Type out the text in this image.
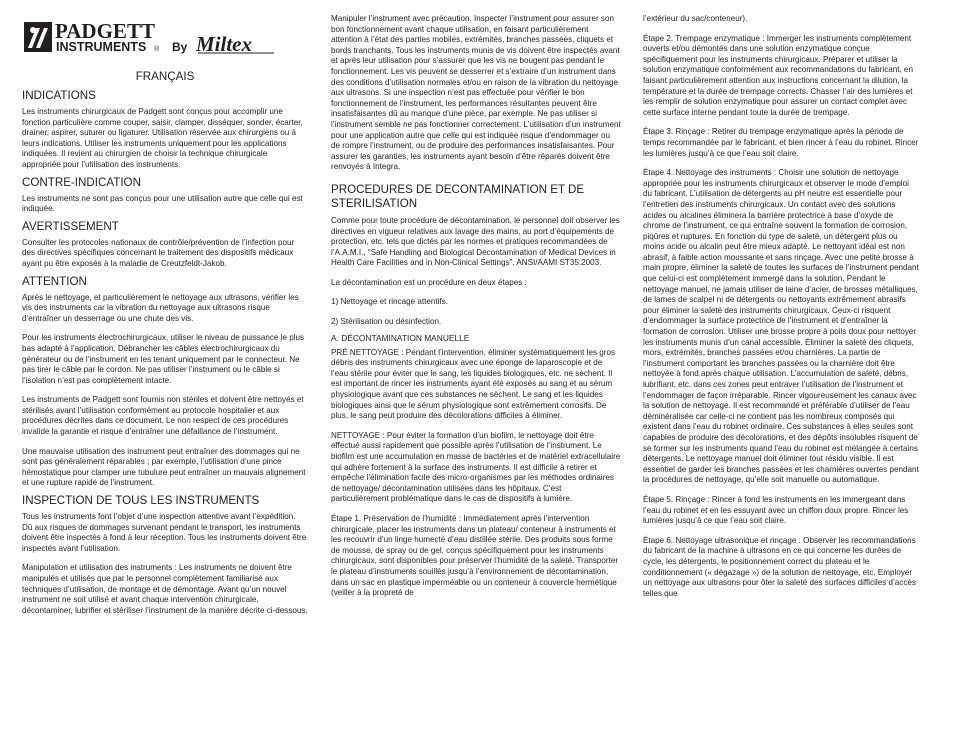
PADGETT
INSTRUMENTS ® By Miltex
FRANÇAIS
INDICATIONS

Les instruments chirurgicaux de Padgett sont conçus pour accomplir une fonction particulière comme couper, saisir, clamper, disséquer, sonder, écarter, drainer, aspirer, suturer ou ligaturer. Utilisation réservée aux chirurgiens ou à leurs indications. Utiliser les instruments uniquement pour les applications indiquées. Il revient au chirurgien de choisir la technique chirurgicale appropriée pour l’utilisation des instruments.

CONTRE-INDICATION

Les instruments ne sont pas conçus pour une utilisation autre que celle qui est indiquée.

AVERTISSEMENT

Consulter les protocoles nationaux de contrôle/prévention de l’infection pour des directives spécifiques concernant le traitement des dispositifs médicaux ayant pu être exposés à la maladie de Creutzfeldt-Jakob.

ATTENTION

Après le nettoyage, et particulièrement le nettoyage aux ultrasons, vérifier les vis des instruments car la vibration du nettoyage aux ultrasons risque d’entraîner un desserrage ou une chute des vis.

Pour les instruments électrochirurgicaux, utiliser le niveau de puissance le plus bas adapté à l’application. Débrancher les câbles électrochirurgicaux du générateur ou de l’instrument en les tenant uniquement par le connecteur. Ne pas tirer le câble par le cordon. Ne pas utiliser l’instrument ou le câble si l’isolation n’est pas complètement intacte.

Les instruments de Padgett sont fournis non stériles et doivent être nettoyés et stérilisés avant l’utilisation conformément au protocole hospitalier et aux procédures décrites dans ce document. Le non respect de ces procédures invalide la garantie et risque d’entraîner une défaillance de l’instrument.

Une mauvaise utilisation des instrument peut entraîner des dommages qui ne sont pas généralement réparables ; par exemple, l’utilisation d’une pince hémostatique pour clamper une tubulure peut entraîner un mauvais alignement et une rupture rapide de l’instrument.

INSPECTION DE TOUS LES INSTRUMENTS

Tous les instruments font l’objet d’une inspection attentive avant l’expédition. Dû aux risques de dommages survenant pendant le transport, les instruments doivent être inspectés à fond à leur réception. Tous les instruments doivent être inspectés avant l’utilisation.

Manipulation et utilisation des instruments : Les instruments ne doivent être manipulés et utilisés que par le personnel complètement familiarisé aux techniques d’utilisation, de montage et de démontage. Avant qu’un nouvel instrument ne soit utilisé et avant chaque intervention chirurgicale, décontaminer, lubrifier et stériliser l’instrument de la manière décrite ci-dessous.

Manipuler l’instrument avec précaution. Inspecter l’instrument pour assurer son bon fonctionnement avant chaque utilisation, en faisant particulièrement attention à l’état des parties mobiles, extrémités, branches passées, cliquets et bords tranchants. Tous les instruments munis de vis doivent être inspectés avant et après leur utilisation pour s’assurer que les vis ne bougent pas pendant le fonctionnement. Les vis peuvent se desserrer et s’extraire d’un instrument dans des conditions d’utilisation normales et/ou en raison de la vibration du nettoyage aux ultrasons. Si une inspection n’est pas effectuée pour vérifier le bon fonctionnement de l’instrument, les performances résultantes peuvent être insatisfaisantes dû au manque d’une pièce, par exemple. Ne pas utiliser si l’instrument semble ne pas fonctionner correctement. L’utilisation d’un instrument pour une application autre que celle qui est indiquée risque d’endommager ou de rompre l’instrument, ou de produire des performances insatisfaisantes. Pour assurer les garanties, les instruments ayant besoin d’être réparés doivent être renvoyés à Integra.

PROCEDURES DE DECONTAMINATION ET DE STERILISATION

Comme pour toute procédure de décontamination, le personnel doit observer les directives en vigueur relatives aux lavage des mains, au port d’équipements de protection, etc. tels que dictés par les normes et pratiques recommandées de l’A.A.M.I., “Safe Handling and Biological Decontamination of Medical Devices in Health Care Facilities and in Non-Clinical Settings”, ANSI/AAMI ST35:2003.

La décontamination est un procédure en deux étapes :

1) Nettoyage et rincage attentifs.

2) Stérilisation ou désinfection.

A. DÉCONTAMINATION MANUELLE

PRÉ NETTOYAGE : Pendant l’intervention, éliminer systématiquement les gros débris des instruments chirurgicaux avec une éponge de laparoscopie et de l’eau stérile pour éviter que le sang, les liquides biologiques, etc. ne sèchent. Il est important de rincer les instruments ayant été exposés au sang et au sérum physiologique avant que ces substances ne sèchent. Le sang et les liquides biologiques ainsi que le sérum physiologique sont extrêmement corrosifs. De plus, le sang peut produire des décolorations difficiles à éliminer.

NETTOYAGE : Pour éviter la formation d’un biofilm, le nettoyage doit être effectué aussi rapidement que possible après l’utilisation de l’instrument. Le biofilm est une accumulation en masse de bactéries et de matériel extracellulaire qui adhère fortement à la surface des instruments. Il est difficile à retirer et empêche l’élimination facile des micro-organismes par les méthodes ordinaires de nettoyage/ décontamination utilisées dans les hôpitaux. C’est particulièrement problématique dans le cas de dispositifs à lumière.

Étape 1. Préservation de l’humidité : Immédiatement après l’intervention chirurgicale, placer les instruments dans un plateau/ conteneur à instruments et les recouvrir d’un linge humecté d’eau distillée stérile. Des produits sous forme de mousse, de spray ou de gel, conçus spécifiquement pour les instruments chirurgicaux, sont disponibles pour préserver l’humidité de la saleté. Transporter le plateau d’instruments souillés jusqu’à l’environnement de décontamination, dans un sac en plastique imperméable ou un conteneur à couvercle hermétique (veiller à la propreté de

l’extérieur du sac/conteneur).

Étape 2. Trempage enzymatique : Immerger les instruments complètement ouverts et/ou démontés dans une solution enzymatique conçue spécifiquement pour les instruments chirurgicaux. Préparer et utiliser la solution enzymatique conformément aux recommandations du fabricant, en faisant particulièrement attention aux instructions concernant la dilution, la température et la durée de trempage corrects. Chasser l’air des lumières et les remplir de solution enzymatique pour assurer un contact complet avec cette surface interne pendant toute la durée de trempage.

Étape 3. Rinçage : Retirer du trempage enzymatique après la période de temps recommandée par le fabricant, et bien rincer à l’eau du robinet. Rincer les lumières jusqu’à ce que l’eau soit claire.

Étape 4. Nettoyage des instruments : Choisir une solution de nettoyage appropriée pour les instruments chirurgicaux et observer le mode d’emploi du fabricant. L’utilisation de détergents au pH neutre est essentielle pour l’entretien des instruments chirurgicaux. Un contact avec des solutions acides ou alcalines éliminera la barrière protectrice à base d’oxyde de chrome de l’instrument, ce qui entraîne souvent la formation de corrosion, piqûres et ruptures. En fonction du type de saleté, un détergent plus ou moins acide ou alcalin peut être mieux adapté. Le nettoyant idéal est non abrasif, à faible action moussante et sans rinçage. Avec une petite brosse à main propre, éliminer la saleté de toutes les surfaces de l’instrument pendant que celui-ci est complètement immergé dans la solution. Pendant le nettoyage manuel, ne jamais utiliser de laine d’acier, de brosses métalliques, de lames de scalpel ni de détergents ou nettoyants extrêmement abrasifs pour éliminer la saleté des instruments chirurgicaux. Ceux-ci risquent d’endommager la surface protectrice de l’instrument et d’entraîner la formation de corrosion. Utiliser une brosse propre à poils doux pour nettoyer les instruments munis d’un canal accessible. Éliminer la saleté des cliquets, mors, extrémités, branches passées et/ou charnières. La partie de l’instrument comportant les branches passées ou la charnière doit être nettoyée à fond après chaque utilisation. L’accumulation de saleté, débris, lubrifiant, etc. dans ces zones peut entraver l’utilisation de l’instrument et l’endommager de façon irréparable. Rincer vigoureusement les canaux avec la solution de nettoyage. Il est recommandé et préférable d’utiliser de l’eau déminéralisée car celle-ci ne contient pas les nombreux composés qui existent dans l’eau du robinet ordinaire. Ces substances à elles seules sont capables de produire des décolorations, et des dépôts insolubles risquent de se former sur les instruments quand l’eau du robinet est mélangée à certains détergents. Le nettoyage manuel doit éliminer tout résidu visible. Il est essentiel de garder les branches passées et les charnières ouvertes pendant la procédures de nettoyage, qu’elle soit manuelle ou automatique.

Étape 5. Rinçage : Rincer à fond les instruments en les immergeant dans l’eau du robinet et en les essuyant avec un chiffon doux propre. Rincer les lumières jusqu’à ce que l’eau soit claire.

Étape 6. Nettoyage ultrasonique et rinçage : Observer les recommandations du fabricant de la machine à ultrasons en ce qui concerne les durées de cycle, les détergents, le positionnement correct du plateau et le conditionnement (« dégazage ») de la solution de nettoyage, etc. Employer un nettoyage aux ultrasons pour ôter la saleté des surfaces difficiles d’accès telles que
